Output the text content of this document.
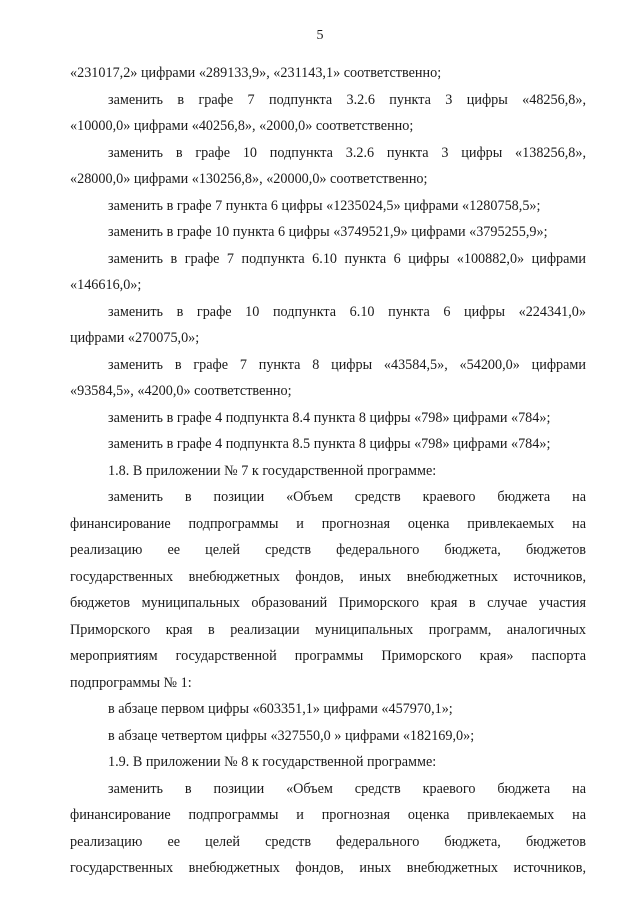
5
«231017,2» цифрами «289133,9», «231143,1» соответственно;
заменить в графе 7 подпункта 3.2.6 пункта 3 цифры «48256,8»,
«10000,0» цифрами «40256,8», «2000,0» соответственно;
заменить в графе 10 подпункта 3.2.6 пункта 3 цифры «138256,8»,
«28000,0» цифрами «130256,8», «20000,0» соответственно;
заменить в графе 7 пункта 6 цифры «1235024,5» цифрами «1280758,5»;
заменить в графе 10 пункта 6 цифры «3749521,9» цифрами «3795255,9»;
заменить в графе 7 подпункта 6.10 пункта 6 цифры «100882,0» цифрами
«146616,0»;
заменить в графе 10 подпункта 6.10 пункта 6 цифры «224341,0»
цифрами «270075,0»;
заменить в графе 7 пункта 8 цифры «43584,5», «54200,0» цифрами
«93584,5», «4200,0» соответственно;
заменить в графе 4 подпункта 8.4 пункта 8 цифры «798» цифрами «784»;
заменить в графе 4 подпункта 8.5 пункта 8 цифры «798» цифрами «784»;
1.8. В приложении № 7 к государственной программе:
заменить в позиции «Объем средств краевого бюджета на
финансирование подпрограммы и прогнозная оценка привлекаемых на
реализацию ее целей средств федерального бюджета, бюджетов
государственных внебюджетных фондов, иных внебюджетных источников,
бюджетов муниципальных образований Приморского края в случае участия
Приморского края в реализации муниципальных программ, аналогичных
мероприятиям государственной программы Приморского края» паспорта
подпрограммы № 1:
в абзаце первом цифры «603351,1» цифрами «457970,1»;
в абзаце четвертом цифры «327550,0 » цифрами «182169,0»;
1.9. В приложении № 8 к государственной программе:
заменить в позиции «Объем средств краевого бюджета на
финансирование подпрограммы и прогнозная оценка привлекаемых на
реализацию ее целей средств федерального бюджета, бюджетов
государственных внебюджетных фондов, иных внебюджетных источников,
